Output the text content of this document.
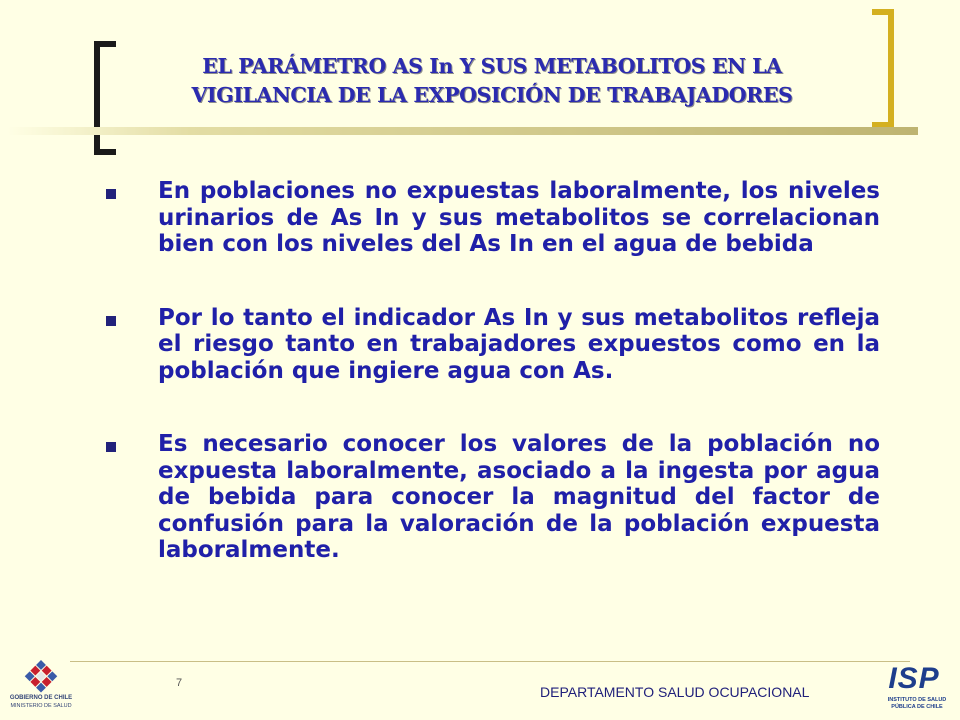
EL PARÁMETRO AS In Y SUS METABOLITOS EN LA
VIGILANCIA DE LA EXPOSICIÓN DE TRABAJADORES

En poblaciones no expuestas laboralmente, los niveles urinarios de As In y sus metabolitos se correlacionan bien con los niveles del As In en el agua de bebida

Por lo tanto el indicador As In y sus metabolitos refleja el riesgo tanto en trabajadores expuestos como en la población que ingiere agua con As.

Es necesario conocer los valores de la población no expuesta laboralmente, asociado a la ingesta por agua de bebida para conocer la magnitud del factor de confusión para la valoración de la población expuesta laboralmente.

GOBIERNO DE CHILE
MINISTERIO DE SALUD
7
DEPARTAMENTO SALUD OCUPACIONAL	ISP
INSTITUTO DE SALUD
PÚBLICA DE CHILE
